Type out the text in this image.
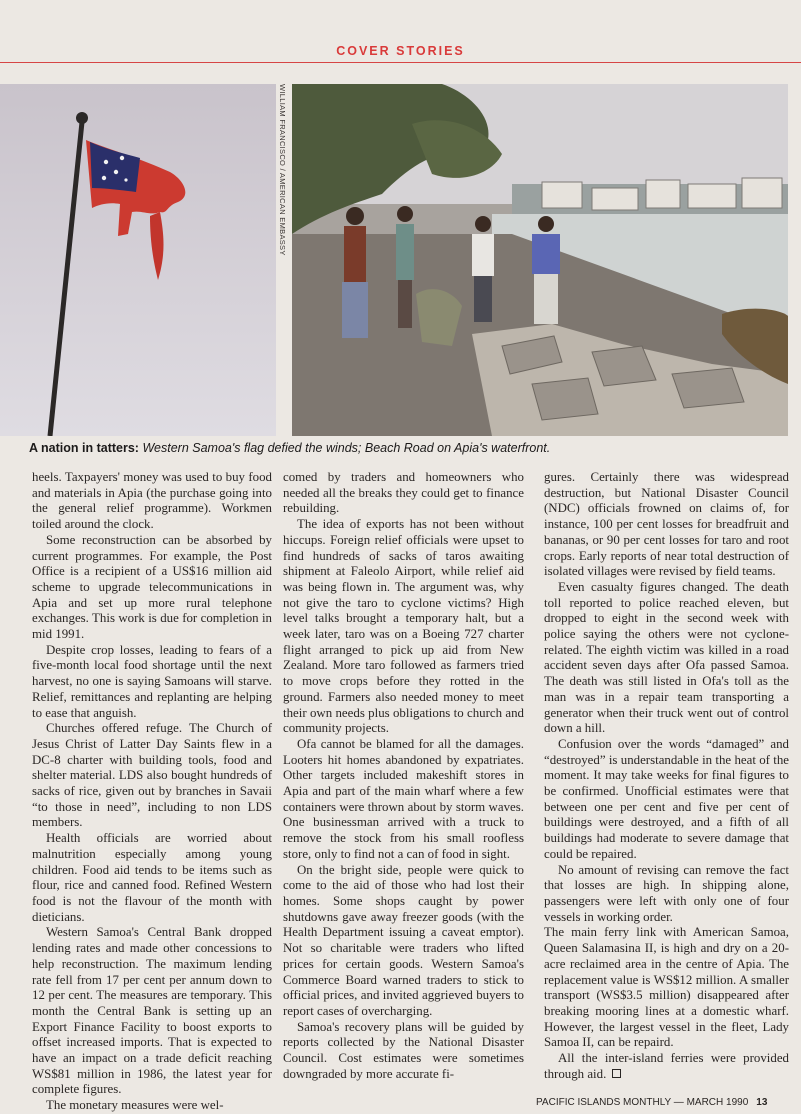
COVER STORIES
WILLIAM FRANCISCO / AMERICAN EMBASSY
A nation in tatters: Western Samoa's flag defied the winds; Beach Road on Apia's waterfront.

heels. Taxpayers' money was used to buy food and materials in Apia (the purchase going into the general relief programme). Workmen toiled around the clock.

Some reconstruction can be absorbed by current programmes. For example, the Post Office is a recipient of a US$16 million aid scheme to upgrade telecommunications in Apia and set up more rural telephone exchanges. This work is due for completion in mid 1991.

Despite crop losses, leading to fears of a five-month local food shortage until the next harvest, no one is saying Samoans will starve. Relief, remittances and replanting are helping to ease that anguish.

Churches offered refuge. The Church of Jesus Christ of Latter Day Saints flew in a DC-8 charter with building tools, food and shelter material. LDS also bought hundreds of sacks of rice, given out by branches in Savaii “to those in need”, including to non LDS members.

Health officials are worried about malnutrition especially among young children. Food aid tends to be items such as flour, rice and canned food. Refined Western food is not the flavour of the month with dieticians.

Western Samoa's Central Bank dropped lending rates and made other concessions to help reconstruction. The maximum lending rate fell from 17 per cent per annum down to 12 per cent. The measures are temporary. This month the Central Bank is setting up an Export Finance Facility to boost exports to offset increased imports. That is expected to have an impact on a trade deficit reaching WS$81 million in 1986, the latest year for complete figures.

The monetary measures were wel-

comed by traders and homeowners who needed all the breaks they could get to finance rebuilding.

The idea of exports has not been without hiccups. Foreign relief officials were upset to find hundreds of sacks of taros awaiting shipment at Faleolo Airport, while relief aid was being flown in. The argument was, why not give the taro to cyclone victims? High level talks brought a temporary halt, but a week later, taro was on a Boeing 727 charter flight arranged to pick up aid from New Zealand. More taro followed as farmers tried to move crops before they rotted in the ground. Farmers also needed money to meet their own needs plus obligations to church and community projects.

Ofa cannot be blamed for all the damages. Looters hit homes abandoned by expatriates. Other targets included makeshift stores in Apia and part of the main wharf where a few containers were thrown about by storm waves. One businessman arrived with a truck to remove the stock from his small roofless store, only to find not a can of food in sight.

On the bright side, people were quick to come to the aid of those who had lost their homes. Some shops caught by power shutdowns gave away freezer goods (with the Health Department issuing a caveat emptor). Not so charitable were traders who lifted prices for certain goods. Western Samoa's Commerce Board warned traders to stick to official prices, and invited aggrieved buyers to report cases of overcharging.

Samoa's recovery plans will be guided by reports collected by the National Disaster Council. Cost estimates were sometimes downgraded by more accurate fi-

gures. Certainly there was widespread destruction, but National Disaster Council (NDC) officials frowned on claims of, for instance, 100 per cent losses for breadfruit and bananas, or 90 per cent losses for taro and root crops. Early reports of near total destruction of isolated villages were revised by field teams.

Even casualty figures changed. The death toll reported to police reached eleven, but dropped to eight in the second week with police saying the others were not cyclone-related. The eighth victim was killed in a road accident seven days after Ofa passed Samoa. The death was still listed in Ofa's toll as the man was in a repair team transporting a generator when their truck went out of control down a hill.

Confusion over the words “damaged” and “destroyed” is understandable in the heat of the moment. It may take weeks for final figures to be confirmed. Unofficial estimates were that between one per cent and five per cent of buildings were destroyed, and a fifth of all buildings had moderate to severe damage that could be repaired.

No amount of revising can remove the fact that losses are high. In shipping alone, passengers were left with only one of four vessels in working order.

The main ferry link with American Samoa, Queen Salamasina II, is high and dry on a 20-acre reclaimed area in the centre of Apia. The replacement value is WS$12 million. A smaller transport (WS$3.5 million) disappeared after breaking mooring lines at a domestic wharf. However, the largest vessel in the fleet, Lady Samoa II, can be repaird.

All the inter-island ferries were provided through aid.

PACIFIC ISLANDS MONTHLY — MARCH 1990 13
